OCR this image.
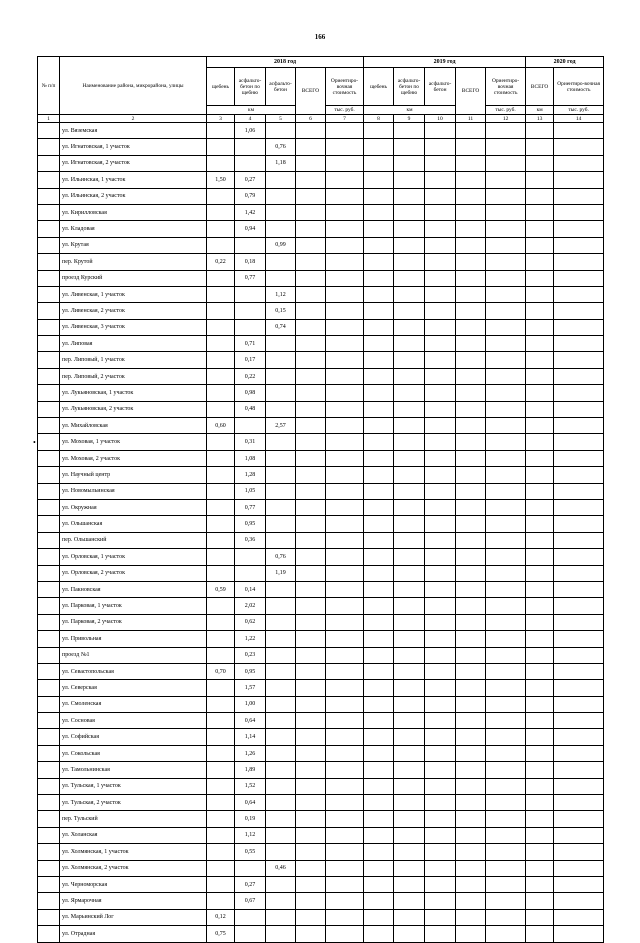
166
•
№ п/п	Наименование района, микрорайона, улицы	2018 год					2019 год					2020 год	
		щебень	асфальто-бетон по щебню	асфальто-бетон	ВСЕГО	Ориентиро-вочная стоимость	щебень	асфальто-бетон по щебню	асфальто-бетон	ВСЕГО	Ориентиро-вочная стоимость	ВСЕГО	Ориентиро-вочная стоимость
		км				тыс. руб.	км				тыс. руб.	км	тыс. руб.
1	2	3	4	5	6	7	8	9	10	11	12	13	14
	ул. Вяземская		1,06										
	ул. Игнатовская, 1 участок			0,76									
	ул. Игнатовская, 2 участок			1,18									
	ул. Ильинская, 1 участок	1,50	0,27										
	ул. Ильинская, 2 участок		0,79										
	ул. Кирилловская		1,42										
	ул. Кладовая		0,94										
	ул. Крутая			0,99									
	пер. Крутой	0,22	0,18										
	проезд Курский		0,77										
	ул. Ливенская, 1 участок			1,12									
	ул. Ливенская, 2 участок			0,15									
	ул. Ливенская, 3 участок			0,74									
	ул. Липовая		0,71										
	пер. Липовый, 1 участок		0,17										
	пер. Липовый, 2 участок		0,22										
	ул. Лукьяновская, 1 участок		0,98										
	ул. Лукьяновская, 2 участок		0,48										
	ул. Михайловская	0,60		2,57									
	ул. Моховая, 1 участок		0,31										
	ул. Моховая, 2 участок		1,08										
	ул. Научный центр		1,28										
	ул. Новомыльинская		1,05										
	ул. Окружная		0,77										
	ул. Ольшанская		0,95										
	пер. Ольшанский		0,36										
	ул. Орловская, 1 участок			0,76									
	ул. Орловская, 2 участок			1,19									
	ул. Пакновская	0,59	0,14										
	ул. Парковая, 1 участок		2,02										
	ул. Парковая, 2 участок		0,62										
	ул. Привольная		1,22										
	проезд №1		0,23										
	ул. Севастопольская	0,70	0,95										
	ул. Северская		1,57										
	ул. Смоленская		1,00										
	ул. Сосновая		0,64										
	ул. Софийская		1,14										
	ул. Сокольская		1,26										
	ул. Тамольнинская		1,89										
	ул. Тульская, 1 участок		1,52										
	ул. Тульская, 2 участок		0,64										
	пер. Тульский		0,19										
	ул. Холанская		1,12										
	ул. Холмянская, 1 участок		0,55										
	ул. Холмянская, 2 участок			0,46									
	ул. Черноморская		0,27										
	ул. Ярмарочная		0,67										
	ул. Марьинский Лог	0,12											
	ул. Отрадная	0,75											
